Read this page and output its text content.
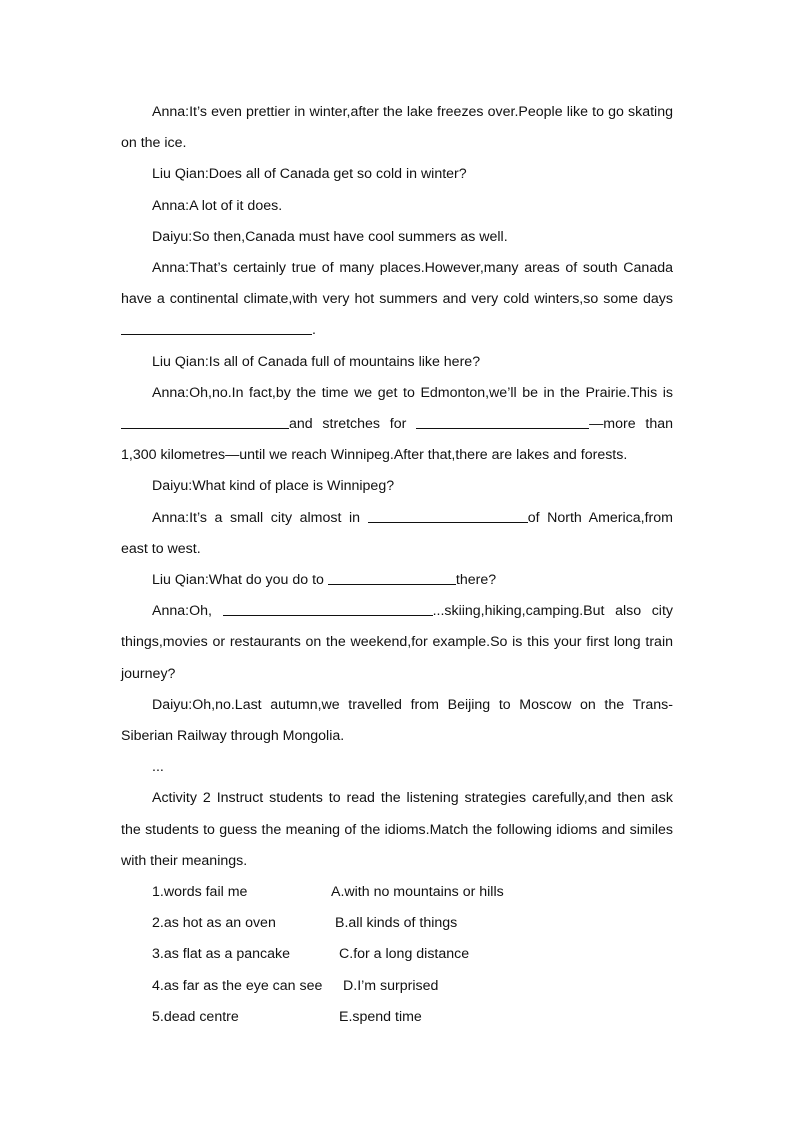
Anna:It’s even prettier in winter,after the lake freezes over.People like to go skating on the ice.

Liu Qian:Does all of Canada get so cold in winter?

Anna:A lot of it does.

Daiyu:So then,Canada must have cool summers as well.

Anna:That’s certainly true of many places.However,many areas of south Canada have a continental climate,with very hot summers and very cold winters,so some days .

Liu Qian:Is all of Canada full of mountains like here?

Anna:Oh,no.In fact,by the time we get to Edmonton,we’ll be in the Prairie.This is and stretches for	—more than 1,300 kilometres—until we reach Winnipeg.After that,there are lakes and forests.

Daiyu:What kind of place is Winnipeg?

Anna:It’s a small city almost in	of North America,from east to west.

Liu Qian:What do you do to	there?

Anna:Oh,	...skiing,hiking,camping.But also city things,movies or restaurants on the weekend,for example.So is this your first long train journey?

Daiyu:Oh,no.Last autumn,we travelled from Beijing to Moscow on the Trans-Siberian Railway through Mongolia.

...

Activity 2 Instruct students to read the listening strategies carefully,and then ask the students to guess the meaning of the idioms.Match the following idioms and similes with their meanings.

1.words fail me	A.with no mountains or hills
2.as hot as an oven	B.all kinds of things
3.as flat as a pancake	C.for a long distance
4.as far as the eye can see D.I’m surprised
5.dead centre	E.spend time
